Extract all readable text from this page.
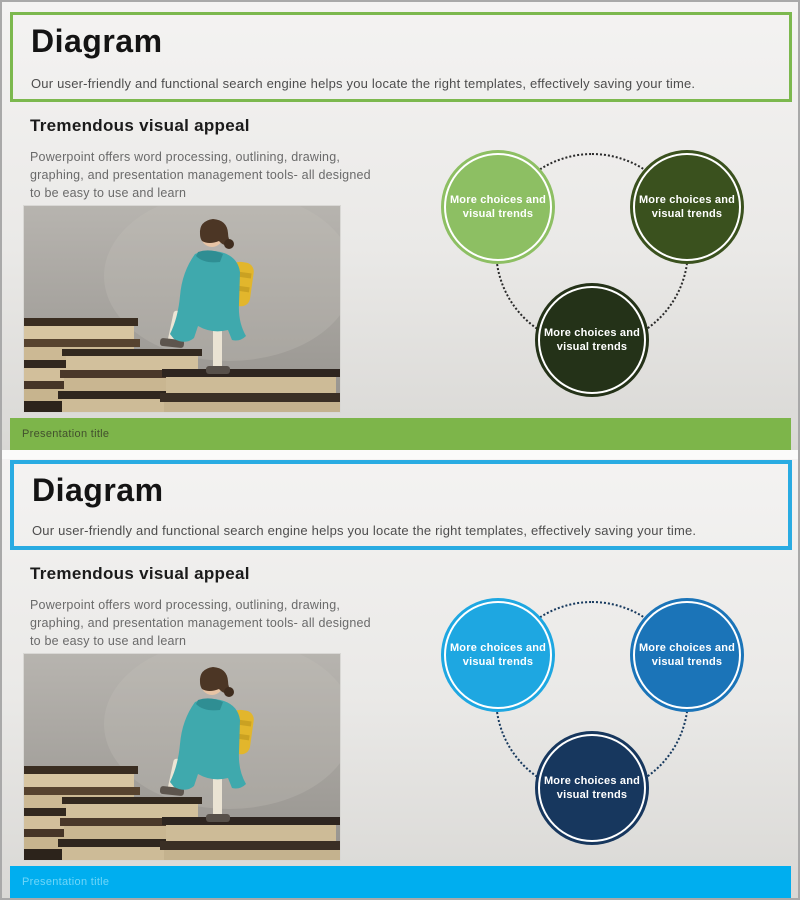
Diagram
Our user-friendly and functional search engine helps you locate the right templates, effectively saving your time.
Tremendous visual appeal
Powerpoint offers word processing, outlining, drawing, graphing, and presentation management tools- all designed to be easy to use and learn	More choices and visual trends
More choices and visual trends
More choices and visual trends
Presentation title
Diagram
Our user-friendly and functional search engine helps you locate the right templates, effectively saving your time.
Tremendous visual appeal
Powerpoint offers word processing, outlining, drawing, graphing, and presentation management tools- all designed to be easy to use and learn	More choices and visual trends
More choices and visual trends
More choices and visual trends
Presentation title
